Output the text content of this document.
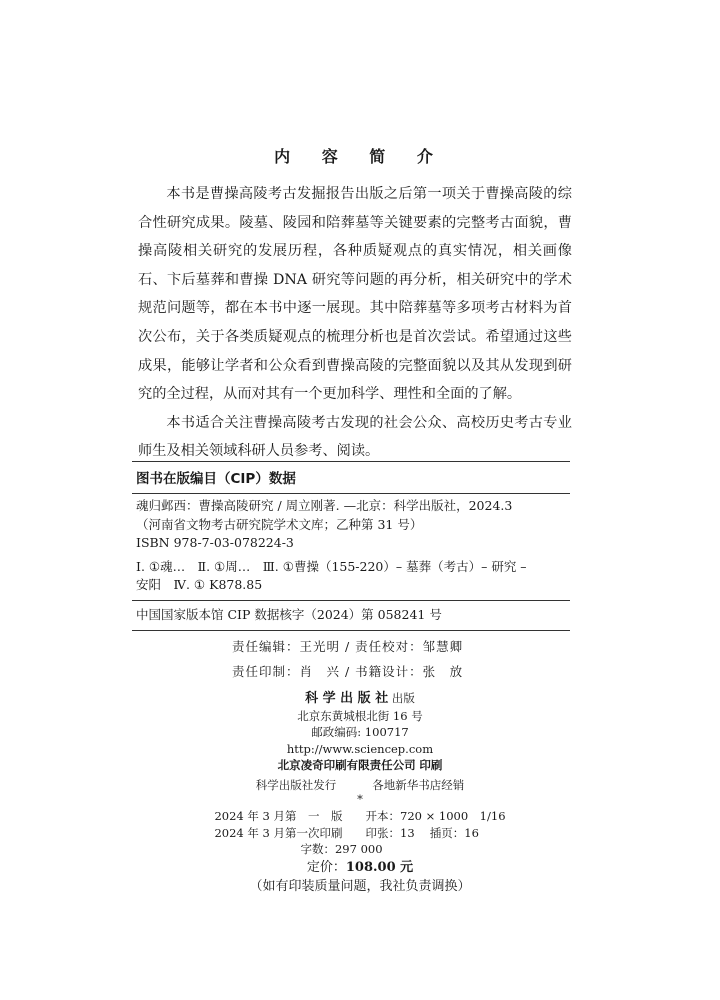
内 容 简 介

本书是曹操高陵考古发掘报告出版之后第一项关于曹操高陵的综合性研究成果。陵墓、陵园和陪葬墓等关键要素的完整考古面貌，曹操高陵相关研究的发展历程，各种质疑观点的真实情况，相关画像石、卞后墓葬和曹操 DNA 研究等问题的再分析，相关研究中的学术规范问题等，都在本书中逐一展现。其中陪葬墓等多项考古材料为首次公布，关于各类质疑观点的梳理分析也是首次尝试。希望通过这些成果，能够让学者和公众看到曹操高陵的完整面貌以及其从发现到研究的全过程，从而对其有一个更加科学、理性和全面的了解。

本书适合关注曹操高陵考古发现的社会公众、高校历史考古专业师生及相关领域科研人员参考、阅读。

图书在版编目（CIP）数据
魂归邺西：曹操高陵研究 / 周立刚著. —北京：科学出版社，2024.3
（河南省文物考古研究院学术文库；乙种第 31 号）
ISBN 978-7-03-078224-3
Ⅰ. ①魂…　Ⅱ. ①周…　Ⅲ. ①曹操（155-220）– 墓葬（考古）– 研究 –
安阳　Ⅳ. ① K878.85
中国国家版本馆 CIP 数据核字（2024）第 058241 号
责任编辑：王光明 / 责任校对：邹慧卿
责任印制：肖　兴 / 书籍设计：张　放
科 学 出 版 社 出版
北京东黄城根北街 16 号
邮政编码: 100717
http://www.sciencep.com
北京凌奇印刷有限责任公司 印刷
科学出版社发行	各地新华书店经销
*
2024 年 3 月第　一　版　　开本：720 × 1000　1/16
2024 年 3 月第一次印刷　　印张：13　 插页：16
字数：297 000
定价：108.00 元
（如有印装质量问题，我社负责调换）
